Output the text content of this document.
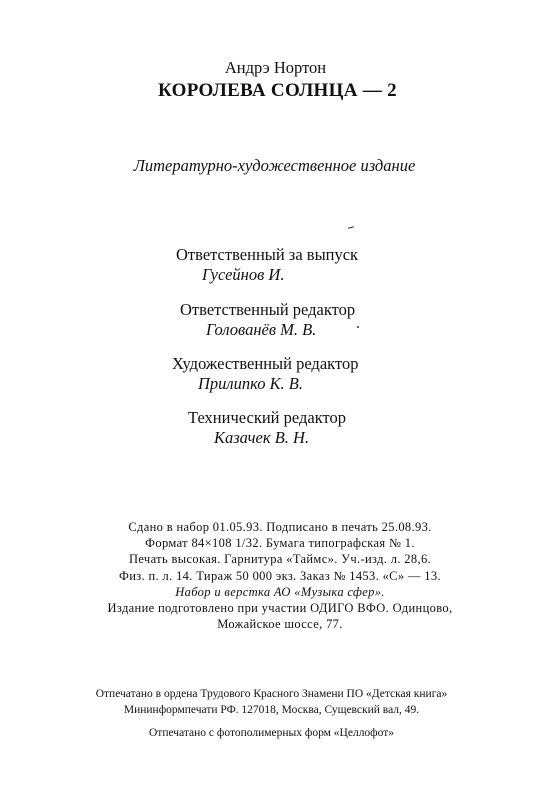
Андрэ Нортон
КОРОЛЕВА СОЛНЦА — 2
Литературно-художественное издание
Ответственный за выпуск
Гусейнов И.
Ответственный редактор
Голованёв М. В.
Художественный редактор
Прилипко К. В.
Технический редактор
Казачек В. Н.
Сдано в набор 01.05.93. Подписано в печать 25.08.93.
Формат 84×108 1/32. Бумага типографская № 1.
Печать высокая. Гарнитура «Таймс». Уч.-изд. л. 28,6.
Физ. п. л. 14. Тираж 50 000 экз. Заказ № 1453. «С» — 13.
Набор и верстка АО «Музыка сфер».
Издание подготовлено при участии ОДИГО ВФО. Одинцово,
Можайское шоссе, 77.
Отпечатано в ордена Трудового Красного Знамени ПО «Детская книга»
Мининформпечати РФ. 127018, Москва, Сущевский вал, 49.
Отпечатано с фотополимерных форм «Целлофот»
